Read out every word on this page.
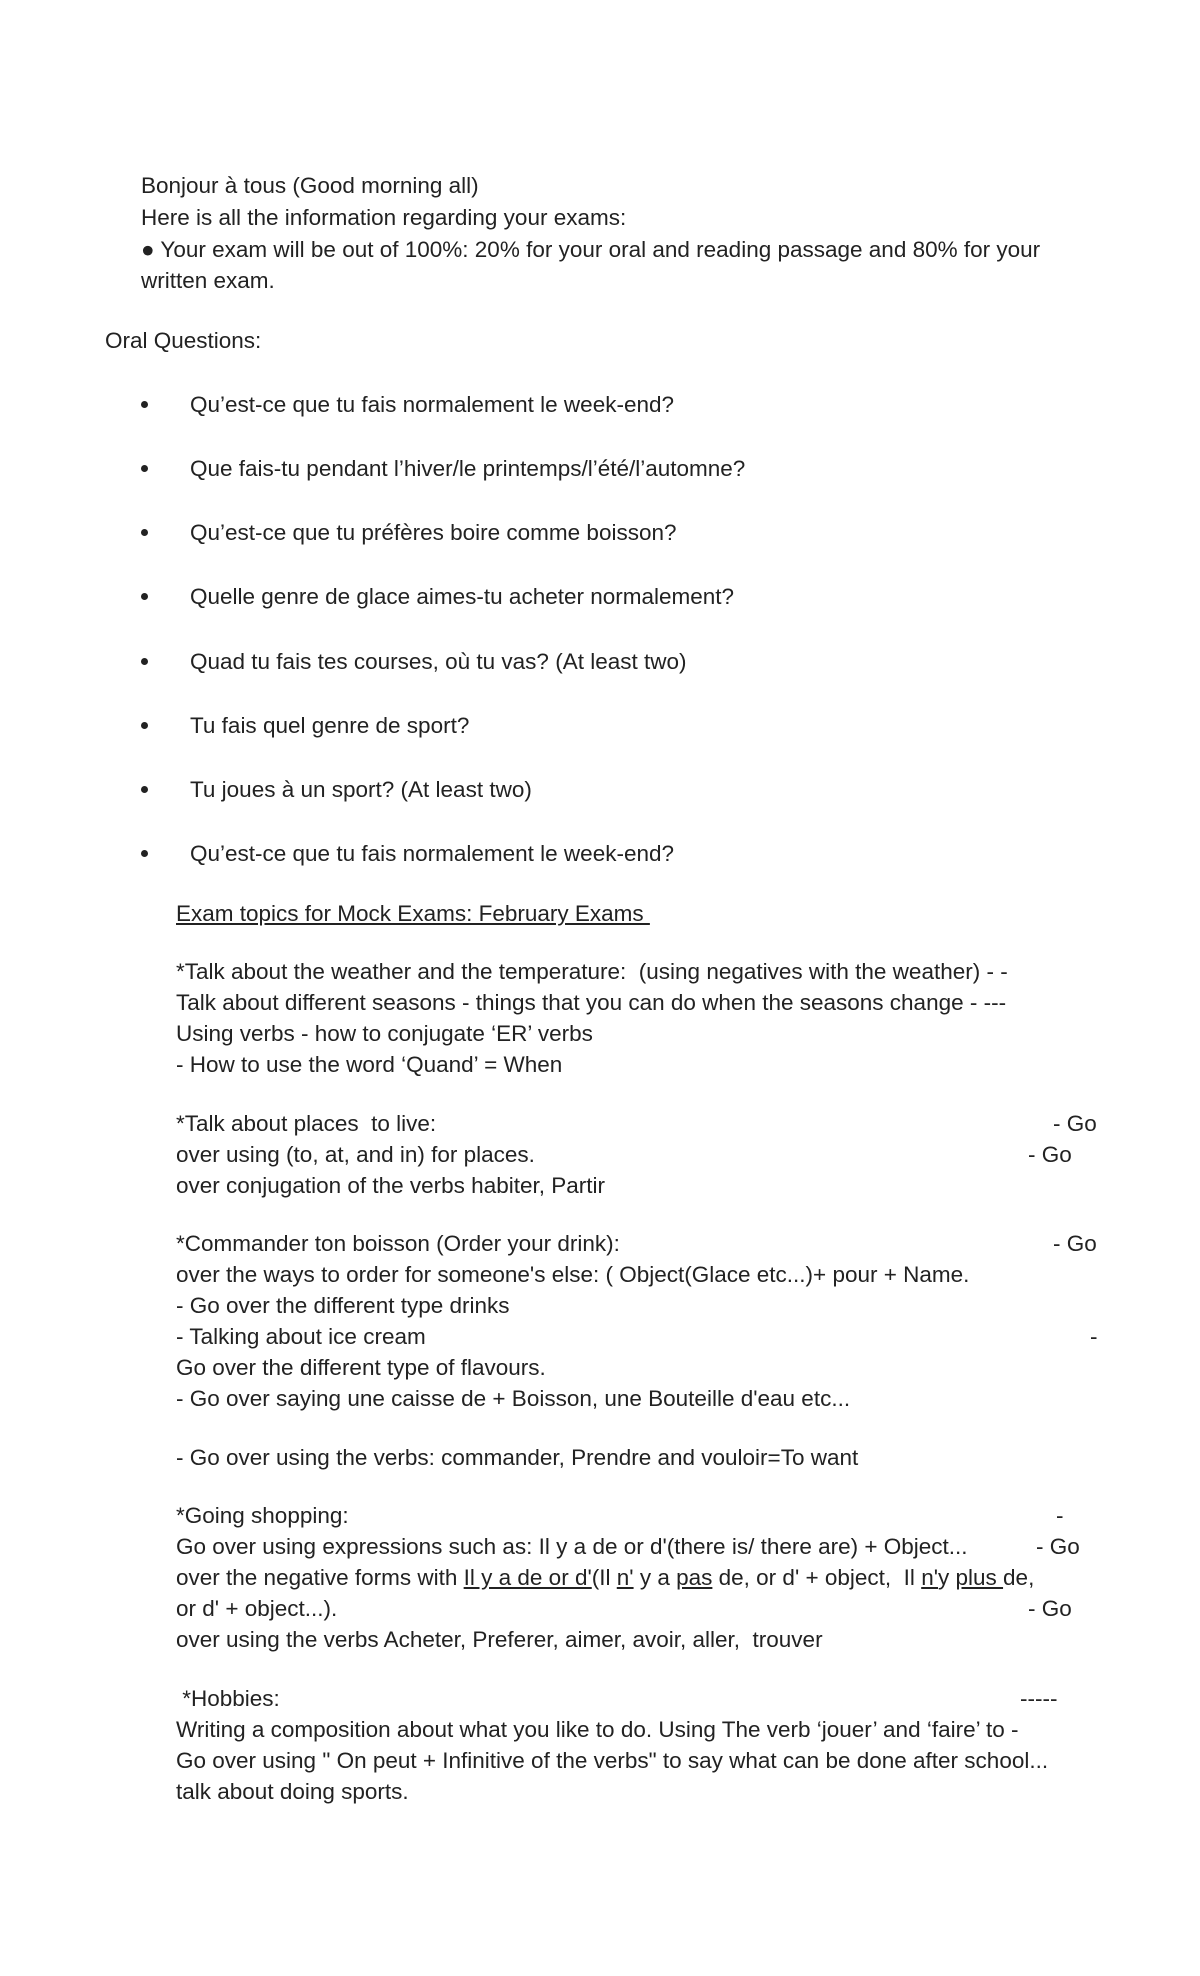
Bonjour à tous (Good morning all)
Here is all the information regarding your exams:
● Your exam will be out of 100%: 20% for your oral and reading passage and 80% for your
written exam.
Oral Questions:
Qu’est-ce que tu fais normalement le week-end?
Que fais-tu pendant l’hiver/le printemps/l’été/l’automne?
Qu’est-ce que tu préfères boire comme boisson?
Quelle genre de glace aimes-tu acheter normalement?
Quad tu fais tes courses, où tu vas? (At least two)
Tu fais quel genre de sport?
Tu joues à un sport? (At least two)
Qu’est-ce que tu fais normalement le week-end?
Exam topics for Mock Exams: February Exams
*Talk about the weather and the temperature:  (using negatives with the weather) - -
Talk about different seasons - things that you can do when the seasons change - ---
Using verbs - how to conjugate ‘ER’ verbs
- How to use the word ‘Quand’ = When
*Talk about places  to live:	- Go
over using (to, at, and in) for places.	- Go
over conjugation of the verbs habiter, Partir
*Commander ton boisson (Order your drink):	- Go
over the ways to order for someone's else: ( Object(Glace etc...)+ pour + Name.
- Go over the different type drinks
- Talking about ice cream	-
Go over the different type of flavours.
- Go over saying une caisse de + Boisson, une Bouteille d'eau etc...
- Go over using the verbs: commander, Prendre and vouloir=To want
*Going shopping:	-
Go over using expressions such as: Il y a de or d'(there is/ there are) + Object...	- Go
over the negative forms with Il y a de or d'(Il n' y a pas de, or d' + object,  Il n'y plus de,
or d' + object...).	- Go
over using the verbs Acheter, Preferer, aimer, avoir, aller,  trouver
*Hobbies:	-----
Writing a composition about what you like to do. Using The verb ‘jouer’ and ‘faire’ to -
Go over using " On peut + Infinitive of the verbs" to say what can be done after school...
talk about doing sports.
